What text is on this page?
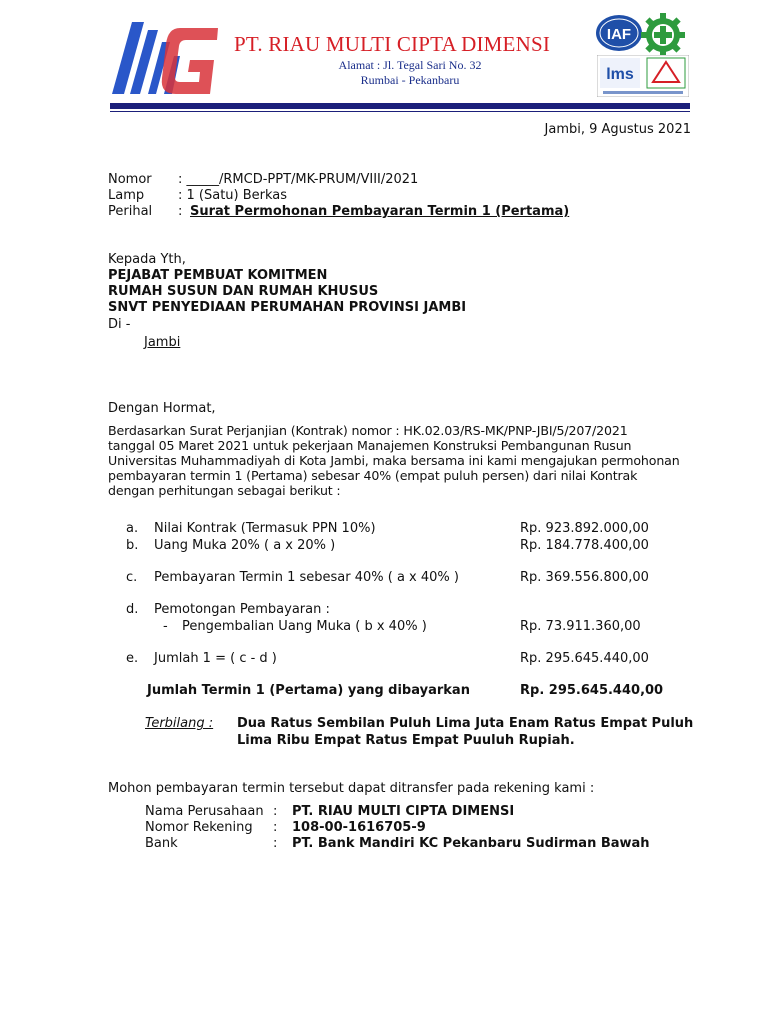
PT. RIAU MULTI CIPTA DIMENSI
Alamat : Jl. Tegal Sari No. 32
Rumbai - Pekanbaru
IAF
lms
Jambi, 9 Agustus 2021
Nomor : _____/RMCD-PPT/MK-PRUM/VIII/2021
Lamp	: 1 (Satu) Berkas
Perihal : Surat Permohonan Pembayaran Termin 1 (Pertama)
Kepada Yth,
PEJABAT PEMBUAT KOMITMEN
RUMAH SUSUN DAN RUMAH KHUSUS
SNVT PENYEDIAAN PERUMAHAN PROVINSI JAMBI
Di -
Jambi
Dengan Hormat,
Berdasarkan Surat Perjanjian (Kontrak) nomor : HK.02.03/RS-MK/PNP-JBI/5/207/2021
tanggal 05 Maret 2021 untuk pekerjaan Manajemen Konstruksi Pembangunan Rusun
Universitas Muhammadiyah di Kota Jambi, maka bersama ini kami mengajukan permohonan
pembayaran termin 1 (Pertama) sebesar 40% (empat puluh persen) dari nilai Kontrak
dengan perhitungan sebagai berikut :
a. Nilai Kontrak (Termasuk PPN 10%)	Rp. 923.892.000,00
b. Uang Muka 20% ( a x 20% )	Rp. 184.778.400,00
c. Pembayaran Termin 1 sebesar 40% ( a x 40% )	Rp. 369.556.800,00
d. Pemotongan Pembayaran :
- Pengembalian Uang Muka ( b x 40% )	Rp. 73.911.360,00
e. Jumlah 1 = ( c - d )	Rp. 295.645.440,00
Jumlah Termin 1 (Pertama) yang dibayarkan	Rp. 295.645.440,00
Terbilang : Dua Ratus Sembilan Puluh Lima Juta Enam Ratus Empat Puluh
Lima Ribu Empat Ratus Empat Puuluh Rupiah.
Mohon pembayaran termin tersebut dapat ditransfer pada rekening kami :
Nama Perusahaan : PT. RIAU MULTI CIPTA DIMENSI
Nomor Rekening : 108-00-1616705-9
Bank	: PT. Bank Mandiri KC Pekanbaru Sudirman Bawah
